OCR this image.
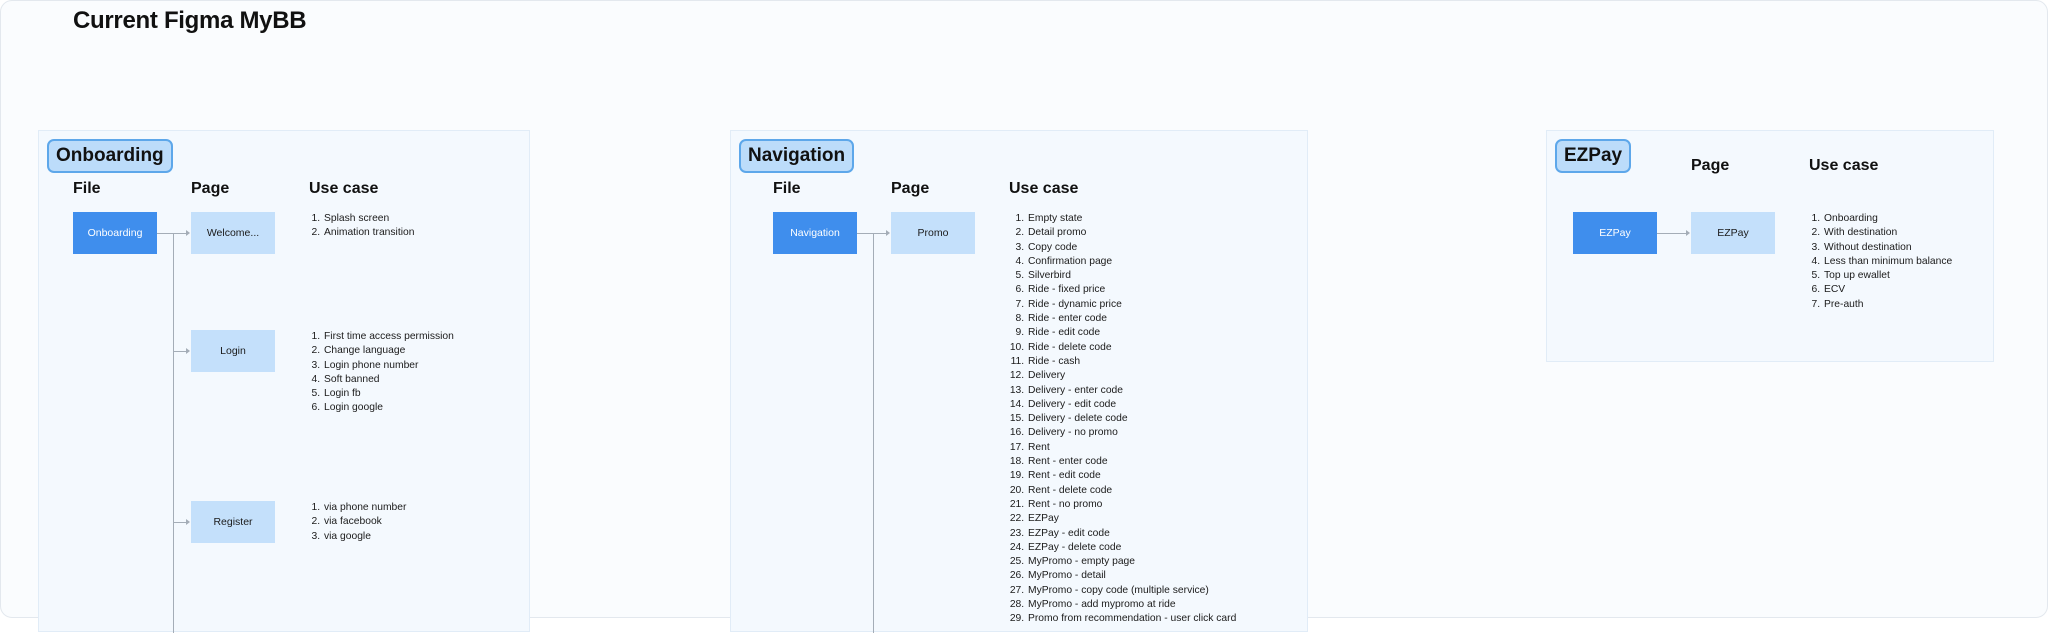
Current Figma MyBB
Onboarding
File	Page	Use case
Onboarding	Welcome...
1. Splash screen
2. Animation transition
Login
1. First time access permission
2. Change language
3. Login phone number
4. Soft banned
5. Login fb
6. Login google
Register
1. via phone number
2. via facebook
3. via google
Navigation
File	Page	Use case
Navigation	Promo
1. Empty state
2. Detail promo
3. Copy code
4. Confirmation page
5. Silverbird
6. Ride - fixed price
7. Ride - dynamic price
8. Ride - enter code
9. Ride - edit code
10. Ride - delete code
11. Ride - cash
12. Delivery
13. Delivery - enter code
14. Delivery - edit code
15. Delivery - delete code
16. Delivery - no promo
17. Rent
18. Rent - enter code
19. Rent - edit code
20. Rent - delete code
21. Rent - no promo
22. EZPay
23. EZPay - edit code
24. EZPay - delete code
25. MyPromo - empty page
26. MyPromo - detail
27. MyPromo - copy code (multiple service)
28. MyPromo - add mypromo at ride
29. Promo from recommendation - user click card
EZPay	Page	Use case
EZPay	EZPay
1. Onboarding
2. With destination
3. Without destination
4. Less than minimum balance
5. Top up ewallet
6. ECV
7. Pre-auth
